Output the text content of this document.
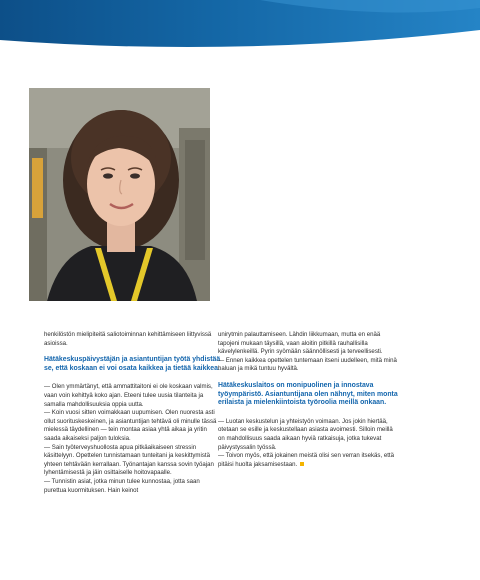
henkilöstön mielipiteitä saliotoiminnan kehittämiseen liittyvissä asioissa.

Hätäkeskuspäivystäjän ja asiantuntijan työtä yhdistää se, että koskaan ei voi osata kaikkea ja tietää kaikkea.

— Olen ymmärtänyt, että ammattitaitoni ei ole koskaan valmis, vaan voin kehittyä koko ajan. Eteeni tulee uusia tilanteita ja samalla mahdollisuuksia oppia uutta.

— Koin vuosi sitten voimakkaan uupumisen. Olen nuoresta asti ollut suorituskeskeinen, ja asiantuntijan tehtävä oli minulle tässä mielessä täydellinen — tein montaa asiaa yhtä aikaa ja yritin saada aikaiseksi paljon tuloksia.

— Sain työterveyshuollosta apua pitkäaikaiseen stressin käsittelyyn. Opettelen tunnistamaan tunteitani ja keskittymistä yhteen tehtävään kerrallaan. Työnantajan kanssa sovin työajan lyhentämisestä ja jäin osittaiselle hoitovapaalle.

— Tunnistin asiat, jotka minun tulee kunnostaa, jotta saan purettua kuormituksen. Hain keinot

unirytmin palauttamiseen. Lähdin liikkumaan, mutta en enää tapojeni mukaan täysillä, vaan aloitin pitkillä rauhallisilla kävelylenkeillä. Pyrin syömään säännöllisesti ja terveellisesti.

— Ennen kaikkea opettelen tuntemaan itseni uudelleen, mitä minä haluan ja mikä tuntuu hyvältä.

Hätäkeskuslaitos on monipuolinen ja innostava työympäristö. Asiantuntijana olen nähnyt, miten monta erilaista ja mielenkiintoista työroolia meillä onkaan.

— Luotan keskustelun ja yhteistyön voimaan. Jos jokin hiertää, otetaan se esille ja keskustellaan asiasta avoimesti. Silloin meillä on mahdollisuus saada aikaan hyviä ratkaisuja, jotka tukevat päivystyssalin työssä.

— Toivon myös, että jokainen meistä olisi sen verran itsekäs, että pitäisi huolta jaksamisestaan.
